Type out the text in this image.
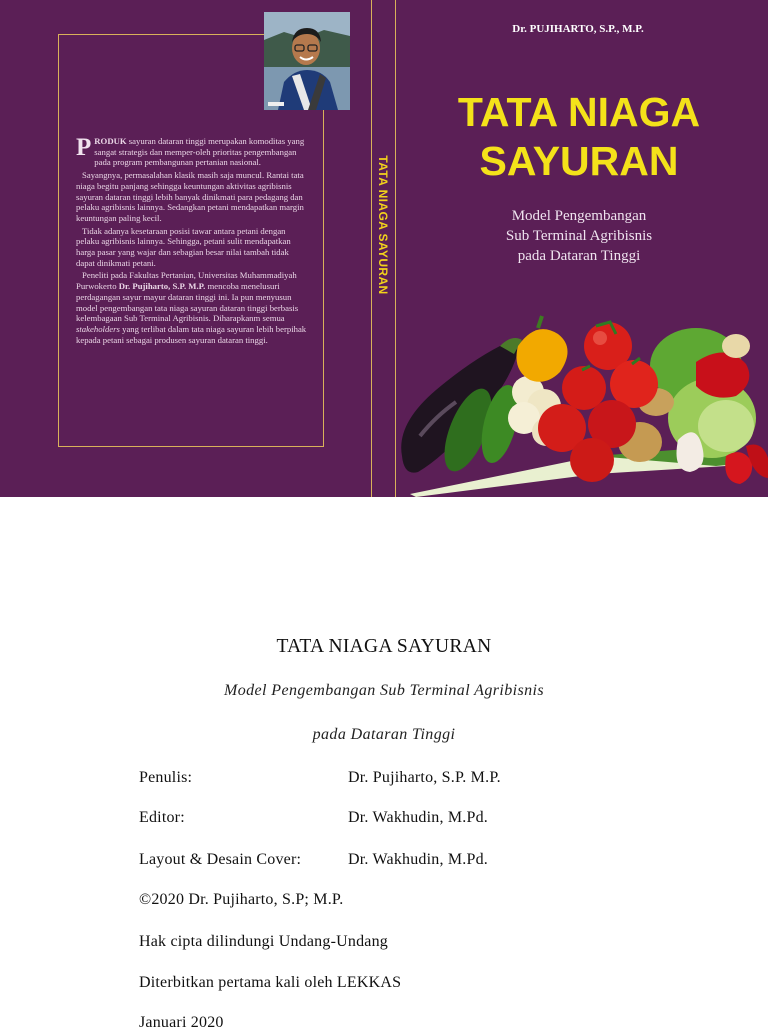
PRODUK sayuran dataran tinggi merupakan komoditas yang sangat strategis dan memper-oleh prioritas pengembangan pada program pembangunan pertanian nasional.

Sayangnya, permasalahan klasik masih saja muncul. Rantai tata niaga begitu panjang sehingga keuntungan aktivitas agribisnis sayuran dataran tinggi lebih banyak dinikmati para pedagang dan pelaku agribisnis lainnya. Sedangkan petani mendapatkan margin keuntungan paling kecil.

Tidak adanya kesetaraan posisi tawar antara petani dengan pelaku agribisnis lainnya. Sehingga, petani sulit mendapatkan harga pasar yang wajar dan sebagian besar nilai tambah tidak dapat dinikmati petani.

Peneliti pada Fakultas Pertanian, Universitas Muhammadiyah Purwokerto Dr. Pujiharto, S.P. M.P. mencoba menelusuri perdagangan sayur mayur dataran tinggi ini. Ia pun menyusun model pengembangan tata niaga sayuran dataran tinggi berbasis kelembagaan Sub Terminal Agribisnis. Diharapkanm semua stakeholders yang terlibat dalam tata niaga sayuran lebih berpihak kepada petani sebagai produsen sayuran dataran tinggi.

TATA NIAGA SAYURAN
Dr. PUJIHARTO, S.P., M.P.
TATA NIAGA
SAYURAN
Model Pengembangan
Sub Terminal Agribisnis
pada Dataran Tinggi
TATA NIAGA SAYURAN
Model Pengembangan Sub Terminal Agribisnis
pada Dataran Tinggi
Penulis:	Dr. Pujiharto, S.P. M.P.
Editor:	Dr. Wakhudin, M.Pd.
Layout & Desain Cover:	Dr. Wakhudin, M.Pd.
©2020 Dr. Pujiharto, S.P; M.P.
Hak cipta dilindungi Undang-Undang
Diterbitkan pertama kali oleh LEKKAS
Januari 2020
